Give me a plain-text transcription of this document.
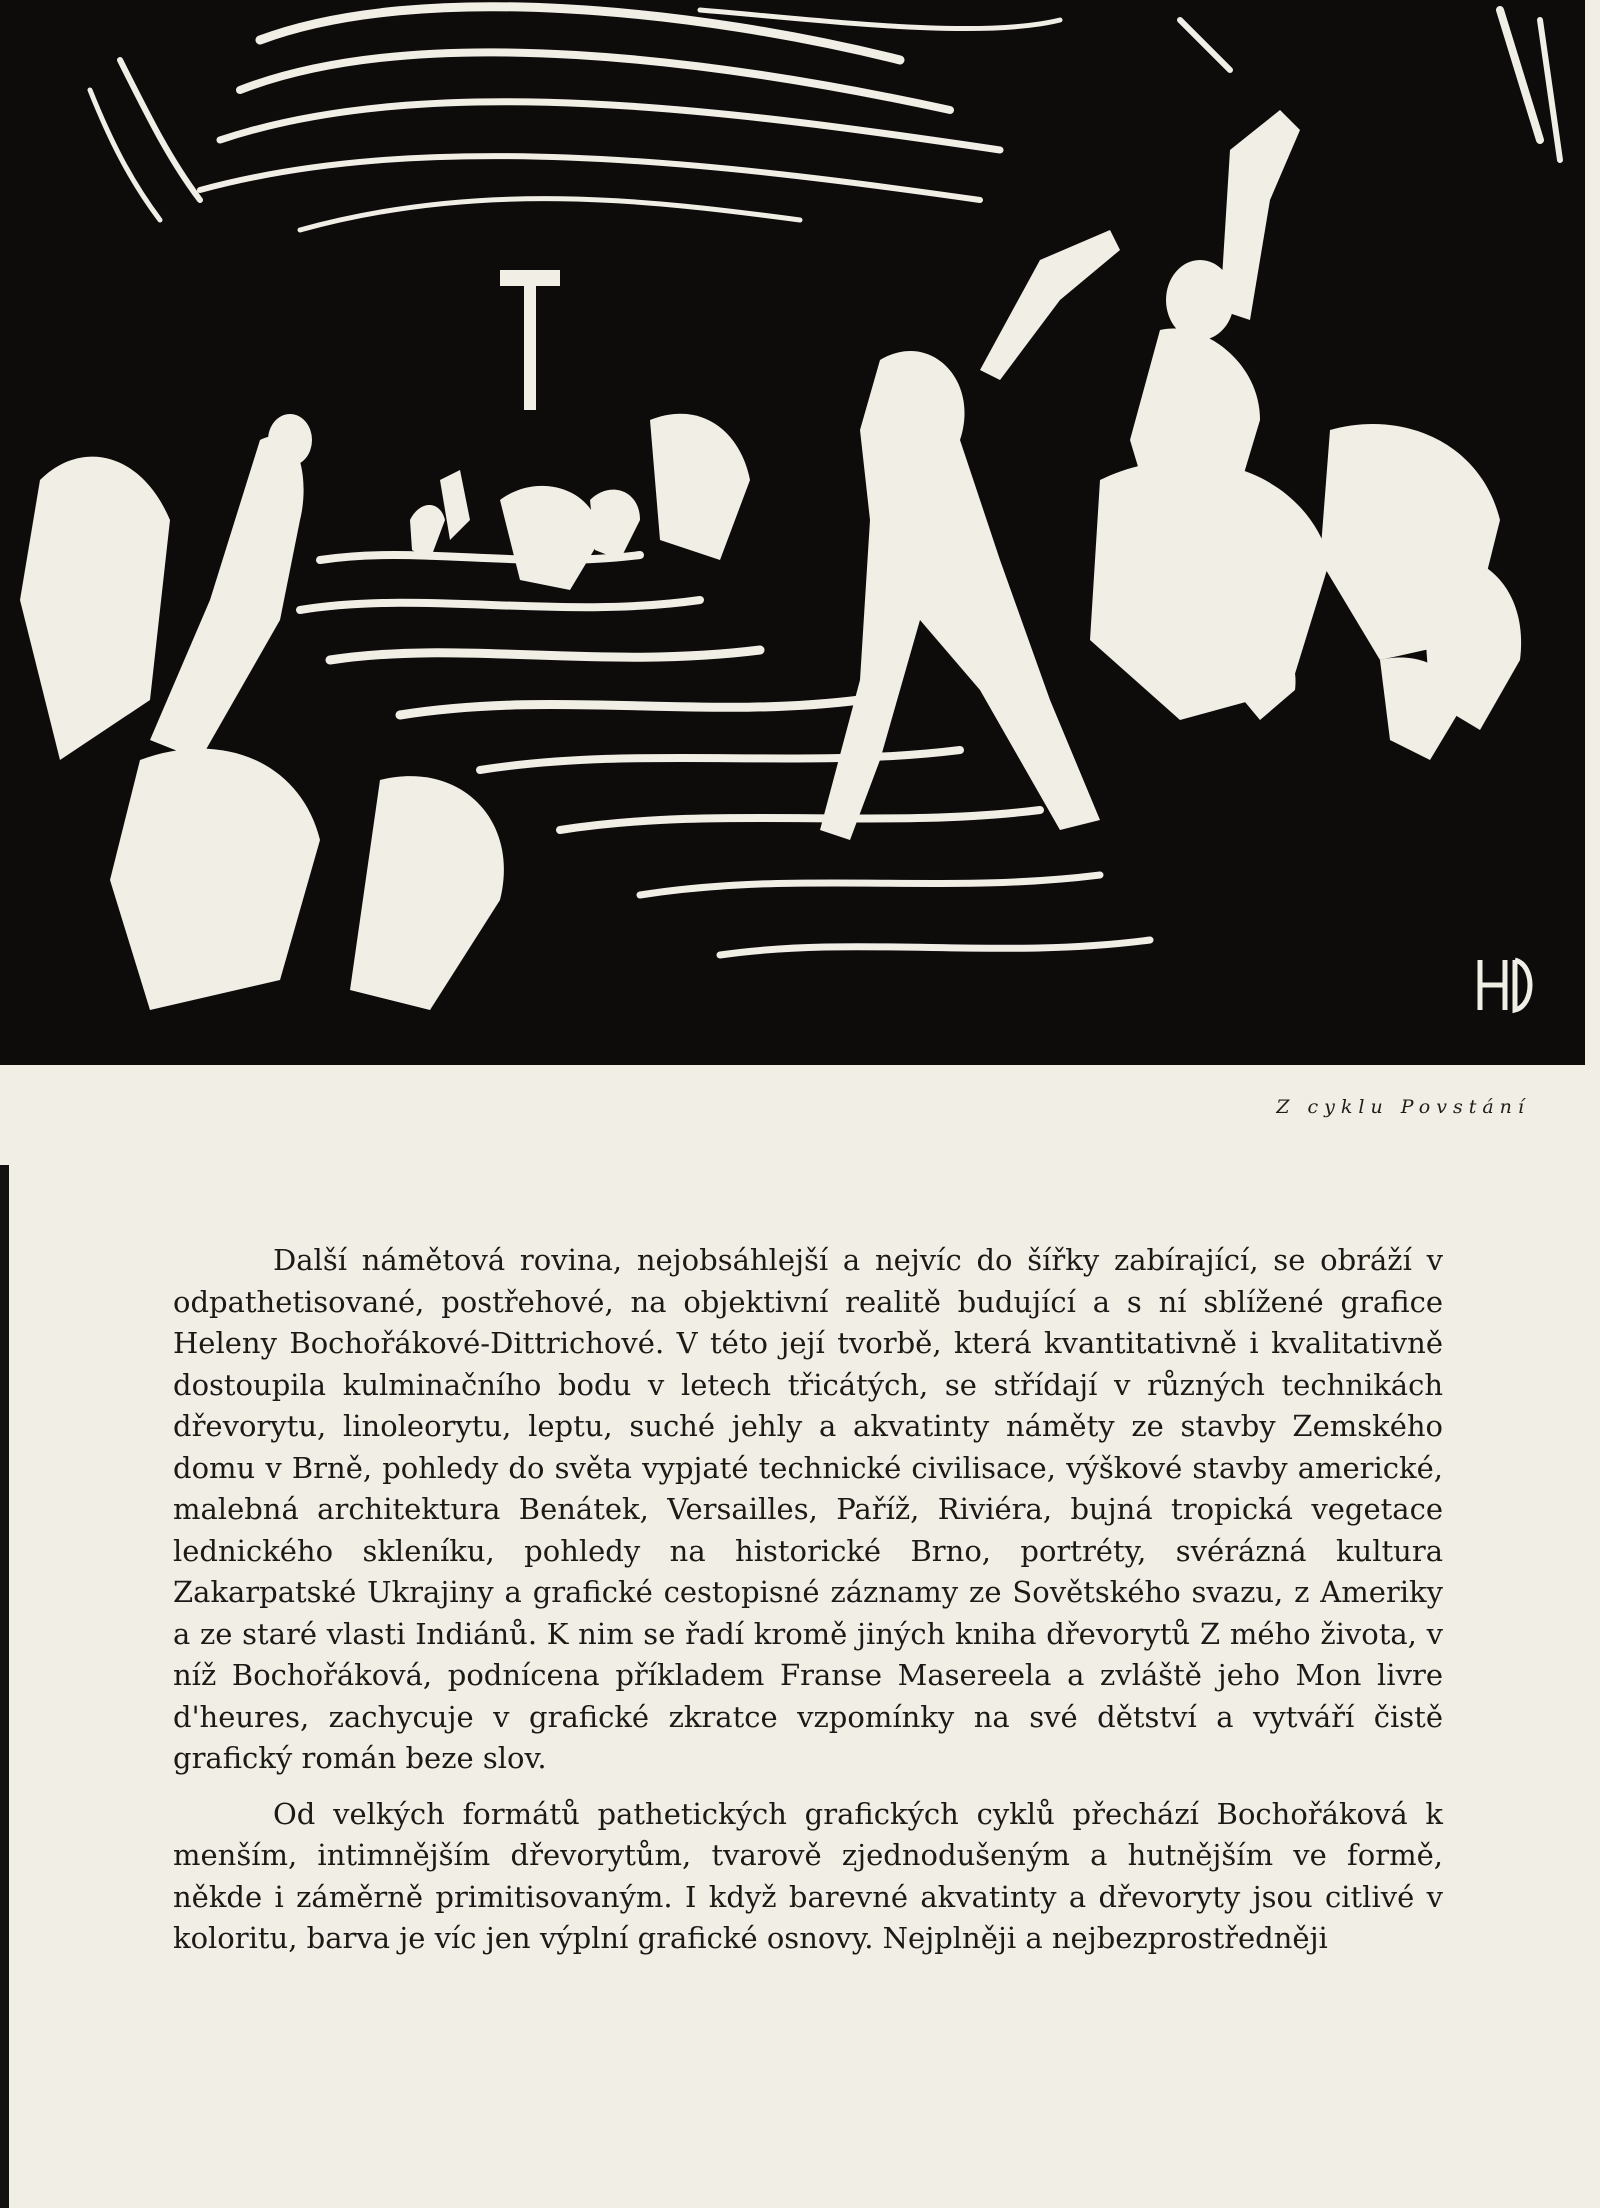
Z cyklu Povstání

Další námětová rovina, nejobsáhlejší a nejvíc do šířky zabírající, se obráží v odpathetisované, postřehové, na objektivní realitě budující a s ní sblížené grafice Heleny Bochořákové-Dittrichové. V této její tvorbě, která kvantitativně i kvalitativně dostoupila kulminačního bodu v letech třicátých, se střídají v různých technikách dřevorytu, linoleorytu, leptu, suché jehly a akvatinty náměty ze stavby Zemského domu v Brně, pohledy do světa vypjaté technické civilisace, výškové stavby americké, malebná architektura Benátek, Versailles, Paříž, Riviéra, bujná tropická vegetace lednického skleníku, pohledy na historické Brno, portréty, svérázná kultura Zakarpatské Ukrajiny a grafické cestopisné záznamy ze Sovětského svazu, z Ameriky a ze staré vlasti Indiánů. K nim se řadí kromě jiných kniha dřevorytů Z mého života, v níž Bochořáková, podnícena příkladem Franse Masereela a zvláště jeho Mon livre d'heures, zachycuje v grafické zkratce vzpomínky na své dětství a vytváří čistě grafický román beze slov.

Od velkých formátů pathetických grafických cyklů přechází Bochořáková k menším, intimnějším dřevorytům, tvarově zjednodušeným a hutnějším ve formě, někde i záměrně primitisovaným. I když barevné akvatinty a dřevoryty jsou citlivé v koloritu, barva je víc jen výplní grafické osnovy. Nejplněji a nejbezprostředněji
